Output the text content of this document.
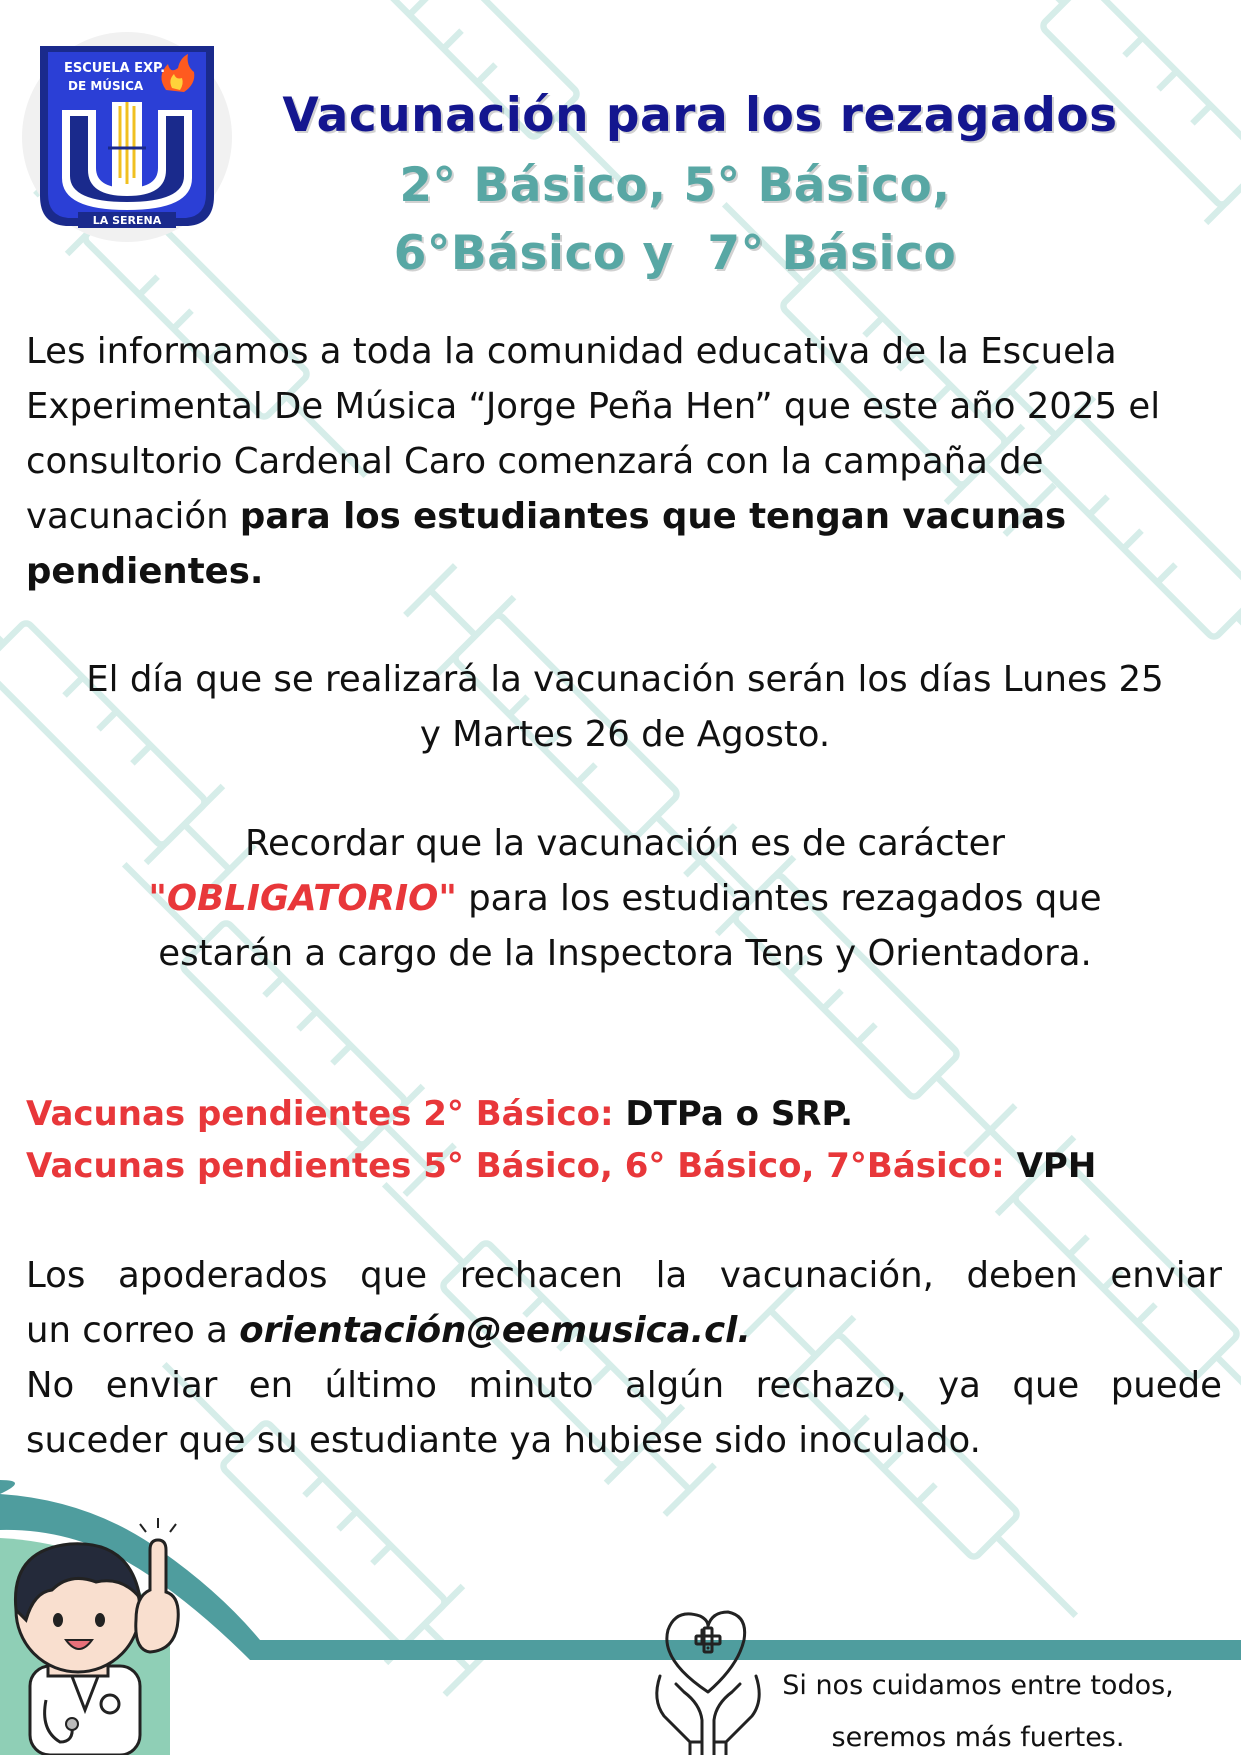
ESCUELA EXP.
DE MÚSICA
LA SERENA
Vacunación para los rezagados
2° Básico, 5° Básico,
6°Básico y  7° Básico
Les informamos a toda la comunidad educativa de la Escuela Experimental De Música “Jorge Peña Hen” que este año 2025 el consultorio Cardenal Caro comenzará con la campaña de vacunación para los estudiantes que tengan vacunas pendientes.
El día que se realizará la vacunación serán los días Lunes 25
y Martes 26 de Agosto.
Recordar que la vacunación es de carácter
"OBLIGATORIO" para los estudiantes rezagados que
estarán a cargo de la Inspectora Tens y Orientadora.
Vacunas pendientes 2° Básico: DTPa o SRP.
Vacunas pendientes 5° Básico, 6° Básico, 7°Básico: VPH
Los apoderados que rechacen la vacunación, deben enviar
un correo a orientación@eemusica.cl.
No enviar en último minuto algún rechazo, ya que puede
suceder que su estudiante ya hubiese sido inoculado.
Si nos cuidamos entre todos,
seremos más fuertes.
